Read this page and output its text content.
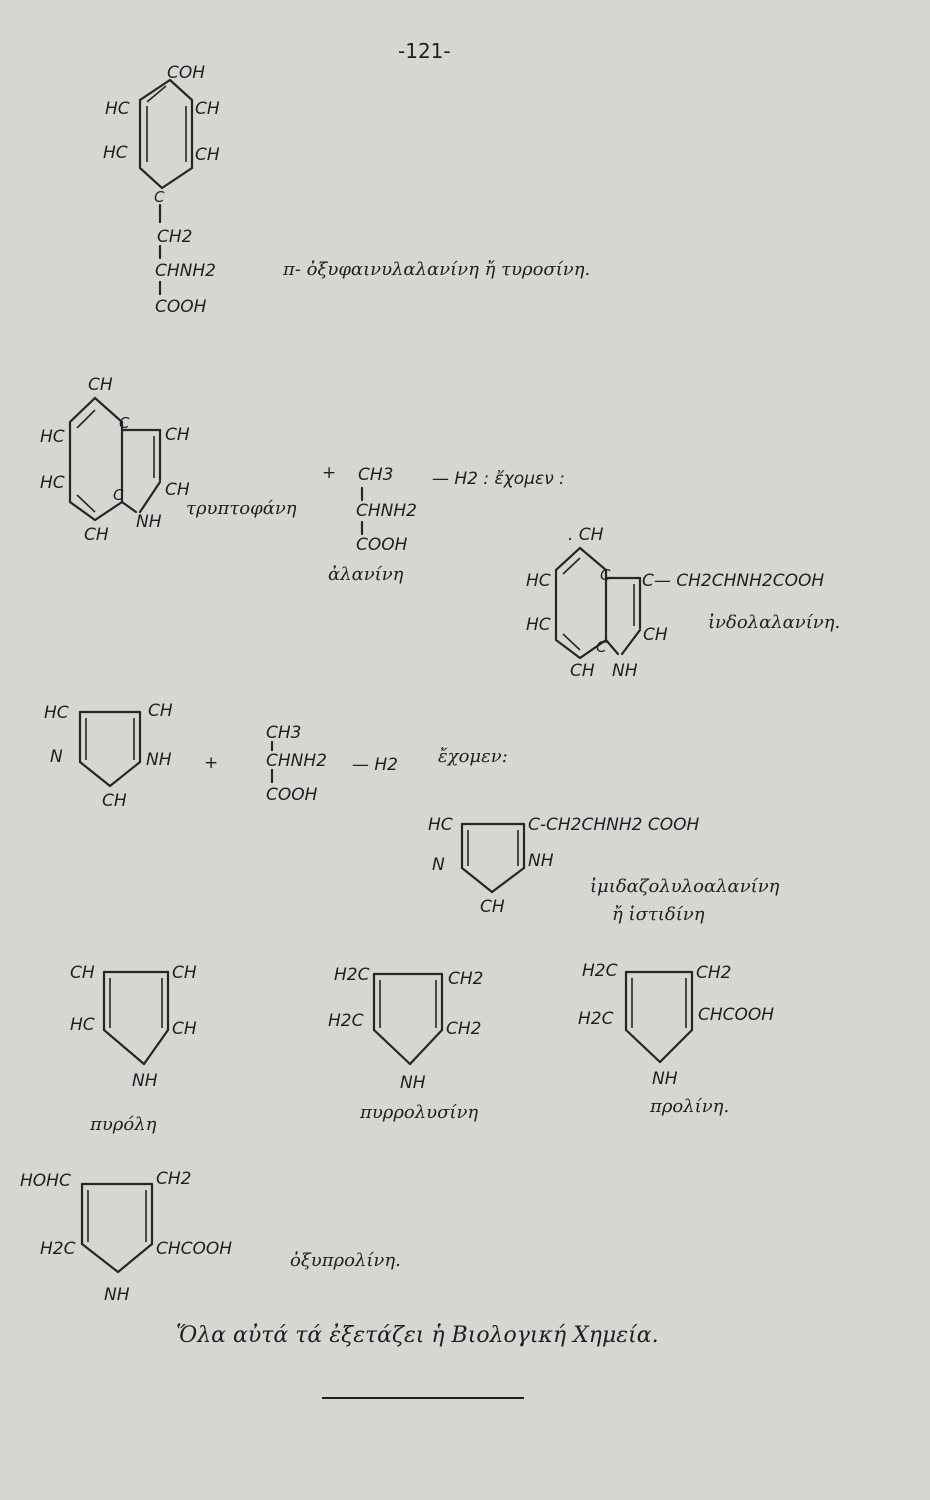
-121-
COH
HC	CH
HC	CH
C
CH2
CHNH2
COOH
π- ὀξυφαινυλαλανίνη ἤ τυροσίνη.
CH
HC
C
CH
HC
C CH
CH
NH
τρυπτοφάνη
+ CH3
CHNH2
COOH
ἀλανίνη
— H2 : ἔχομεν :
. CH
HC	C C— CH2CHNH2COOH
HC
C
CH
CH NH
ἰνδολαλανίνη.
HC	CH
N	NH
CH
+
CH3
CHNH2
COOH
— H2 ἔχομεν:
HC	C-CH2CHNH2 COOH
N	NH
CH
ἰμιδαζολυλοαλανίνη
ἤ ἱστιδίνη
CH	CH
HC	CH
NH
πυρόλη
H2C	CH2
H2C	CH2
NH
πυρρολυσίνη
H2C	CH2
H2C	CHCOOH
NH
προλίνη.
HOHC	CH2
H2C	CHCOOH
NH
ὀξυπρολίνη.
Ὅλα αὐτά τά ἐξετάζει ἡ Βιολογική Χημεία.
